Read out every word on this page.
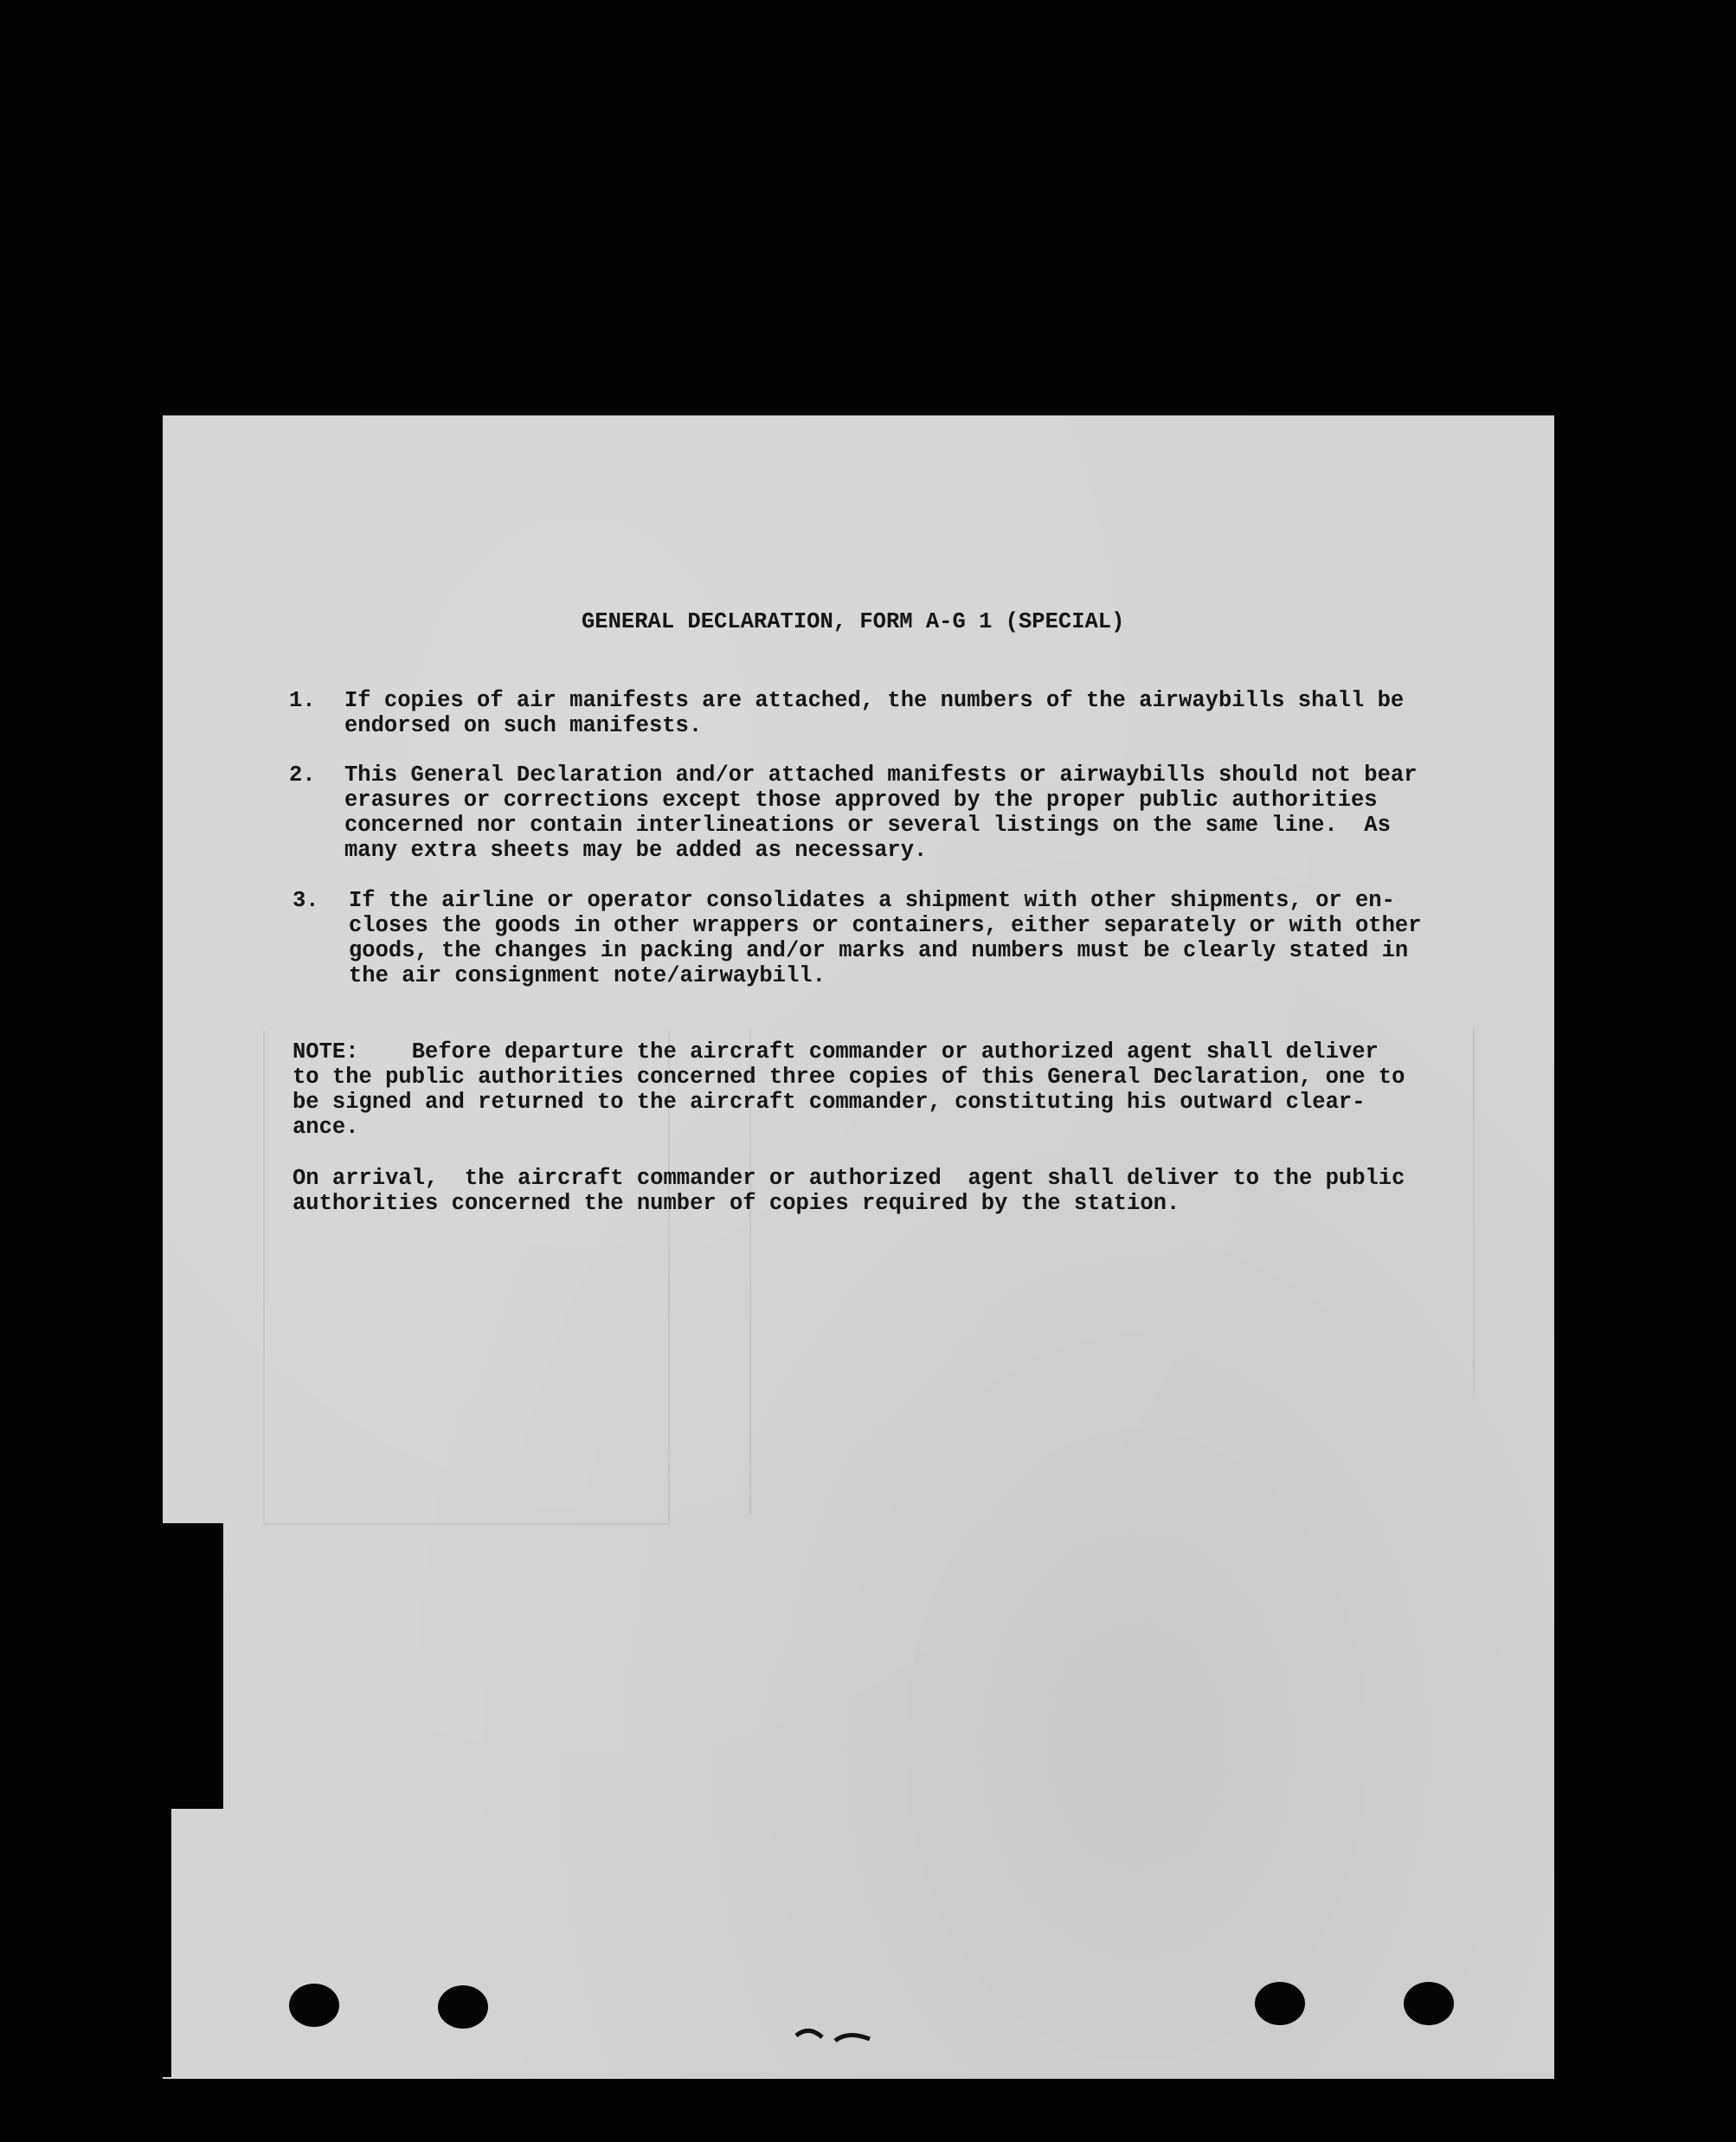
GENERAL DECLARATION, FORM A-G 1 (SPECIAL)
1. If copies of air manifests are attached, the numbers of the airwaybills shall be
endorsed on such manifests.
2. This General Declaration and/or attached manifests or airwaybills should not bear
erasures or corrections except those approved by the proper public authorities
concerned nor contain interlineations or several listings on the same line.  As
many extra sheets may be added as necessary.
3. If the airline or operator consolidates a shipment with other shipments, or en-
closes the goods in other wrappers or containers, either separately or with other
goods, the changes in packing and/or marks and numbers must be clearly stated in
the air consignment note/airwaybill.
NOTE:    Before departure the aircraft commander or authorized agent shall deliver
to the public authorities concerned three copies of this General Declaration, one to
be signed and returned to the aircraft commander, constituting his outward clear-
ance.
On arrival,  the aircraft commander or authorized  agent shall deliver to the public
authorities concerned the number of copies required by the station.
